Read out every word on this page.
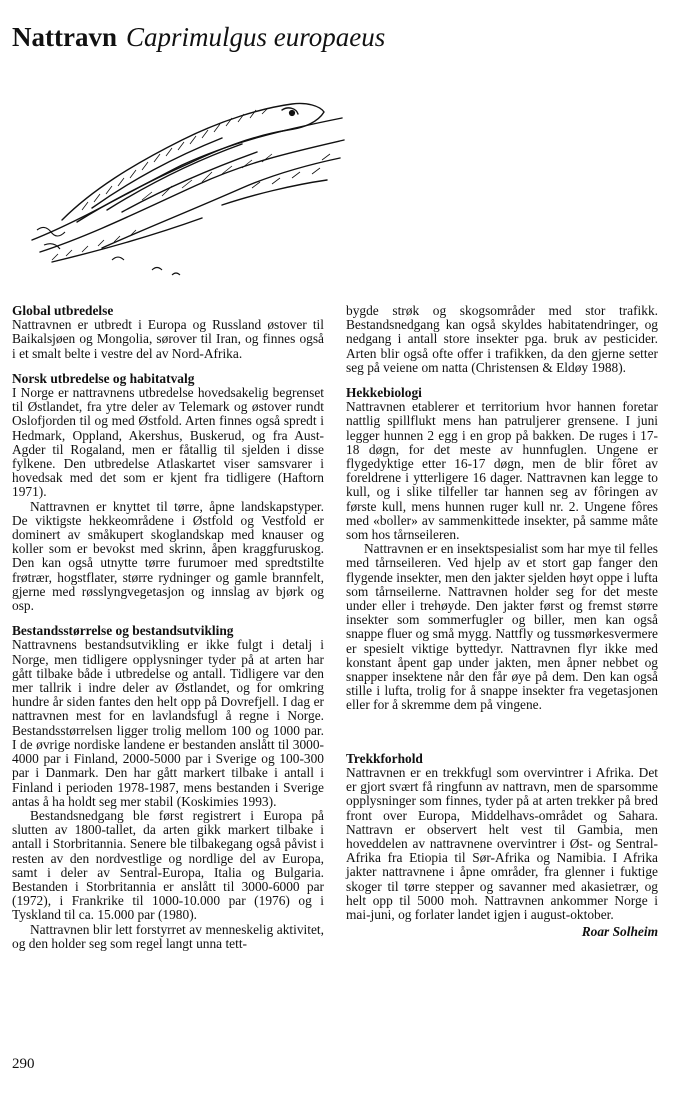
Nattravn Caprimulgus europaeus
Global utbredelse

Nattravnen er utbredt i Europa og Russland østover til Baikalsjøen og Mongolia, sørover til Iran, og finnes også i et smalt belte i vestre del av Nord-Afrika.

Norsk utbredelse og habitatvalg

I Norge er nattravnens utbredelse hovedsakelig begrenset til Østlandet, fra ytre deler av Telemark og østover rundt Oslofjorden til og med Østfold. Arten finnes også spredt i Hedmark, Oppland, Akershus, Buskerud, og fra Aust-Agder til Rogaland, men er fåtallig til sjelden i disse fylkene. Den utbredelse Atlaskartet viser samsvarer i hovedsak med det som er kjent fra tidligere (Haftorn 1971).

Nattravnen er knyttet til tørre, åpne landskapstyper. De viktigste hekkeområdene i Østfold og Vestfold er dominert av småkupert skoglandskap med knauser og koller som er bevokst med skrinn, åpen kraggfuruskog. Den kan også utnytte tørre furumoer med spredtstilte frøtrær, hogstflater, større rydninger og gamle brannfelt, gjerne med røsslyngvegetasjon og innslag av bjørk og osp.

Bestandsstørrelse og bestandsutvikling

Nattravnens bestandsutvikling er ikke fulgt i detalj i Norge, men tidligere opplysninger tyder på at arten har gått tilbake både i utbredelse og antall. Tidligere var den mer tallrik i indre deler av Østlandet, og for omkring hundre år siden fantes den helt opp på Dovrefjell. I dag er nattravnen mest for en lavlandsfugl å regne i Norge. Bestandsstørrelsen ligger trolig mellom 100 og 1000 par. I de øvrige nordiske landene er bestanden anslått til 3000-4000 par i Finland, 2000-5000 par i Sverige og 100-300 par i Danmark. Den har gått markert tilbake i antall i Finland i perioden 1978-1987, mens bestanden i Sverige antas å ha holdt seg mer stabil (Koskimies 1993).

Bestandsnedgang ble først registrert i Europa på slutten av 1800-tallet, da arten gikk markert tilbake i antall i Storbritannia. Senere ble tilbakegang også påvist i resten av den nordvestlige og nordlige del av Europa, samt i deler av Sentral-Europa, Italia og Bulgaria. Bestanden i Storbritannia er anslått til 3000-6000 par (1972), i Frankrike til 1000-10.000 par (1976) og i Tyskland til ca. 15.000 par (1980).

Nattravnen blir lett forstyrret av menneskelig aktivitet, og den holder seg som regel langt unna tett-

bygde strøk og skogsområder med stor trafikk. Bestandsnedgang kan også skyldes habitatendringer, og nedgang i antall store insekter pga. bruk av pesticider. Arten blir også ofte offer i trafikken, da den gjerne setter seg på veiene om natta (Christensen & Eldøy 1988).

Hekkebiologi

Nattravnen etablerer et territorium hvor hannen foretar nattlig spillflukt mens han patruljerer grensene. I juni legger hunnen 2 egg i en grop på bakken. De ruges i 17-18 døgn, for det meste av hunnfuglen. Ungene er flygedyktige etter 16-17 døgn, men de blir fôret av foreldrene i ytterligere 16 dager. Nattravnen kan legge to kull, og i slike tilfeller tar hannen seg av fôringen av første kull, mens hunnen ruger kull nr. 2. Ungene fôres med «boller» av sammenkittede insekter, på samme måte som hos tårnseileren.

Nattravnen er en insektspesialist som har mye til felles med tårnseileren. Ved hjelp av et stort gap fanger den flygende insekter, men den jakter sjelden høyt oppe i lufta som tårnseilerne. Nattravnen holder seg for det meste under eller i trehøyde. Den jakter først og fremst større insekter som sommerfugler og biller, men kan også snappe fluer og små mygg. Nattfly og tussmørkesvermere er spesielt viktige byttedyr. Nattravnen flyr ikke med konstant åpent gap under jakten, men åpner nebbet og snapper insektene når den får øye på dem. Den kan også stille i lufta, trolig for å snappe insekter fra vegetasjonen eller for å skremme dem på vingene.

Trekkforhold

Nattravnen er en trekkfugl som overvintrer i Afrika. Det er gjort svært få ringfunn av nattravn, men de sparsomme opplysninger som finnes, tyder på at arten trekker på bred front over Europa, Middelhavs-området og Sahara. Nattravn er observert helt vest til Gambia, men hoveddelen av nattravnene overvintrer i Øst- og Sentral-Afrika fra Etiopia til Sør-Afrika og Namibia. I Afrika jakter nattravnene i åpne områder, fra glenner i fuktige skoger til tørre stepper og savanner med akasietrær, og helt opp til 5000 moh. Nattravnen ankommer Norge i mai-juni, og forlater landet igjen i august-oktober.

Roar Solheim
290
